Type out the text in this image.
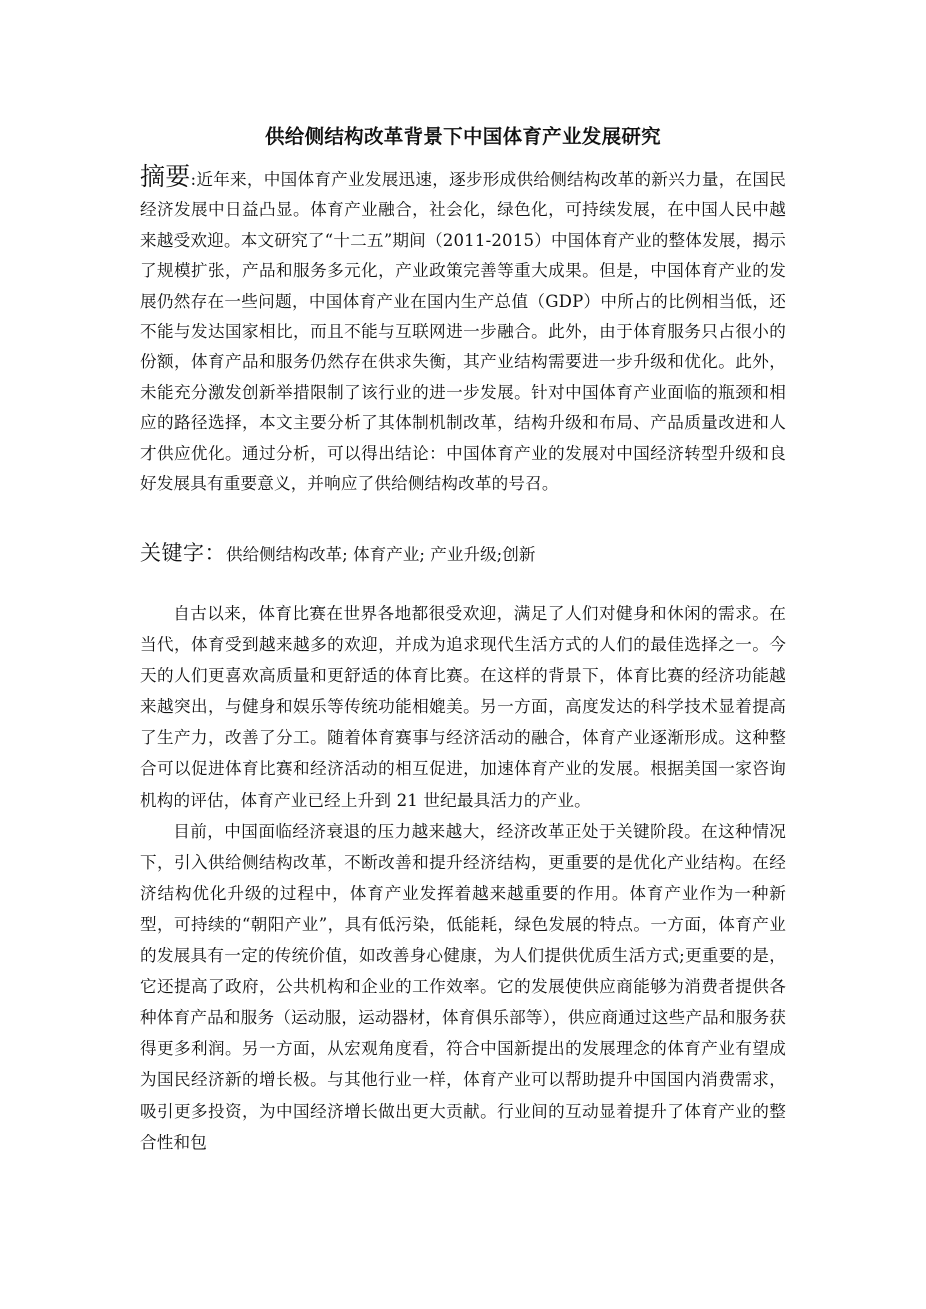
供给侧结构改革背景下中国体育产业发展研究
摘要:近年来，中国体育产业发展迅速，逐步形成供给侧结构改革的新兴力量，在国民经济发展中日益凸显。体育产业融合，社会化，绿色化，可持续发展，在中国人民中越来越受欢迎。本文研究了“十二五”期间（2011-2015）中国体育产业的整体发展，揭示了规模扩张，产品和服务多元化，产业政策完善等重大成果。但是，中国体育产业的发展仍然存在一些问题，中国体育产业在国内生产总值（GDP）中所占的比例相当低，还不能与发达国家相比，而且不能与互联网进一步融合。此外，由于体育服务只占很小的份额，体育产品和服务仍然存在供求失衡，其产业结构需要进一步升级和优化。此外，未能充分激发创新举措限制了该行业的进一步发展。针对中国体育产业面临的瓶颈和相应的路径选择，本文主要分析了其体制机制改革，结构升级和布局、产品质量改进和人才供应优化。通过分析，可以得出结论：中国体育产业的发展对中国经济转型升级和良好发展具有重要意义，并响应了供给侧结构改革的号召。
关键字：供给侧结构改革; 体育产业; 产业升级;创新

自古以来，体育比赛在世界各地都很受欢迎，满足了人们对健身和休闲的需求。在当代，体育受到越来越多的欢迎，并成为追求现代生活方式的人们的最佳选择之一。今天的人们更喜欢高质量和更舒适的体育比赛。在这样的背景下，体育比赛的经济功能越来越突出，与健身和娱乐等传统功能相媲美。另一方面，高度发达的科学技术显着提高了生产力，改善了分工。随着体育赛事与经济活动的融合，体育产业逐渐形成。这种整合可以促进体育比赛和经济活动的相互促进，加速体育产业的发展。根据美国一家咨询机构的评估，体育产业已经上升到 21 世纪最具活力的产业。

目前，中国面临经济衰退的压力越来越大，经济改革正处于关键阶段。在这种情况下，引入供给侧结构改革，不断改善和提升经济结构，更重要的是优化产业结构。在经济结构优化升级的过程中，体育产业发挥着越来越重要的作用。体育产业作为一种新型，可持续的“朝阳产业”，具有低污染，低能耗，绿色发展的特点。一方面，体育产业的发展具有一定的传统价值，如改善身心健康，为人们提供优质生活方式;更重要的是，它还提高了政府，公共机构和企业的工作效率。它的发展使供应商能够为消费者提供各种体育产品和服务（运动服，运动器材，体育俱乐部等），供应商通过这些产品和服务获得更多利润。另一方面，从宏观角度看，符合中国新提出的发展理念的体育产业有望成为国民经济新的增长极。与其他行业一样，体育产业可以帮助提升中国国内消费需求，吸引更多投资，为中国经济增长做出更大贡献。行业间的互动显着提升了体育产业的整合性和包
